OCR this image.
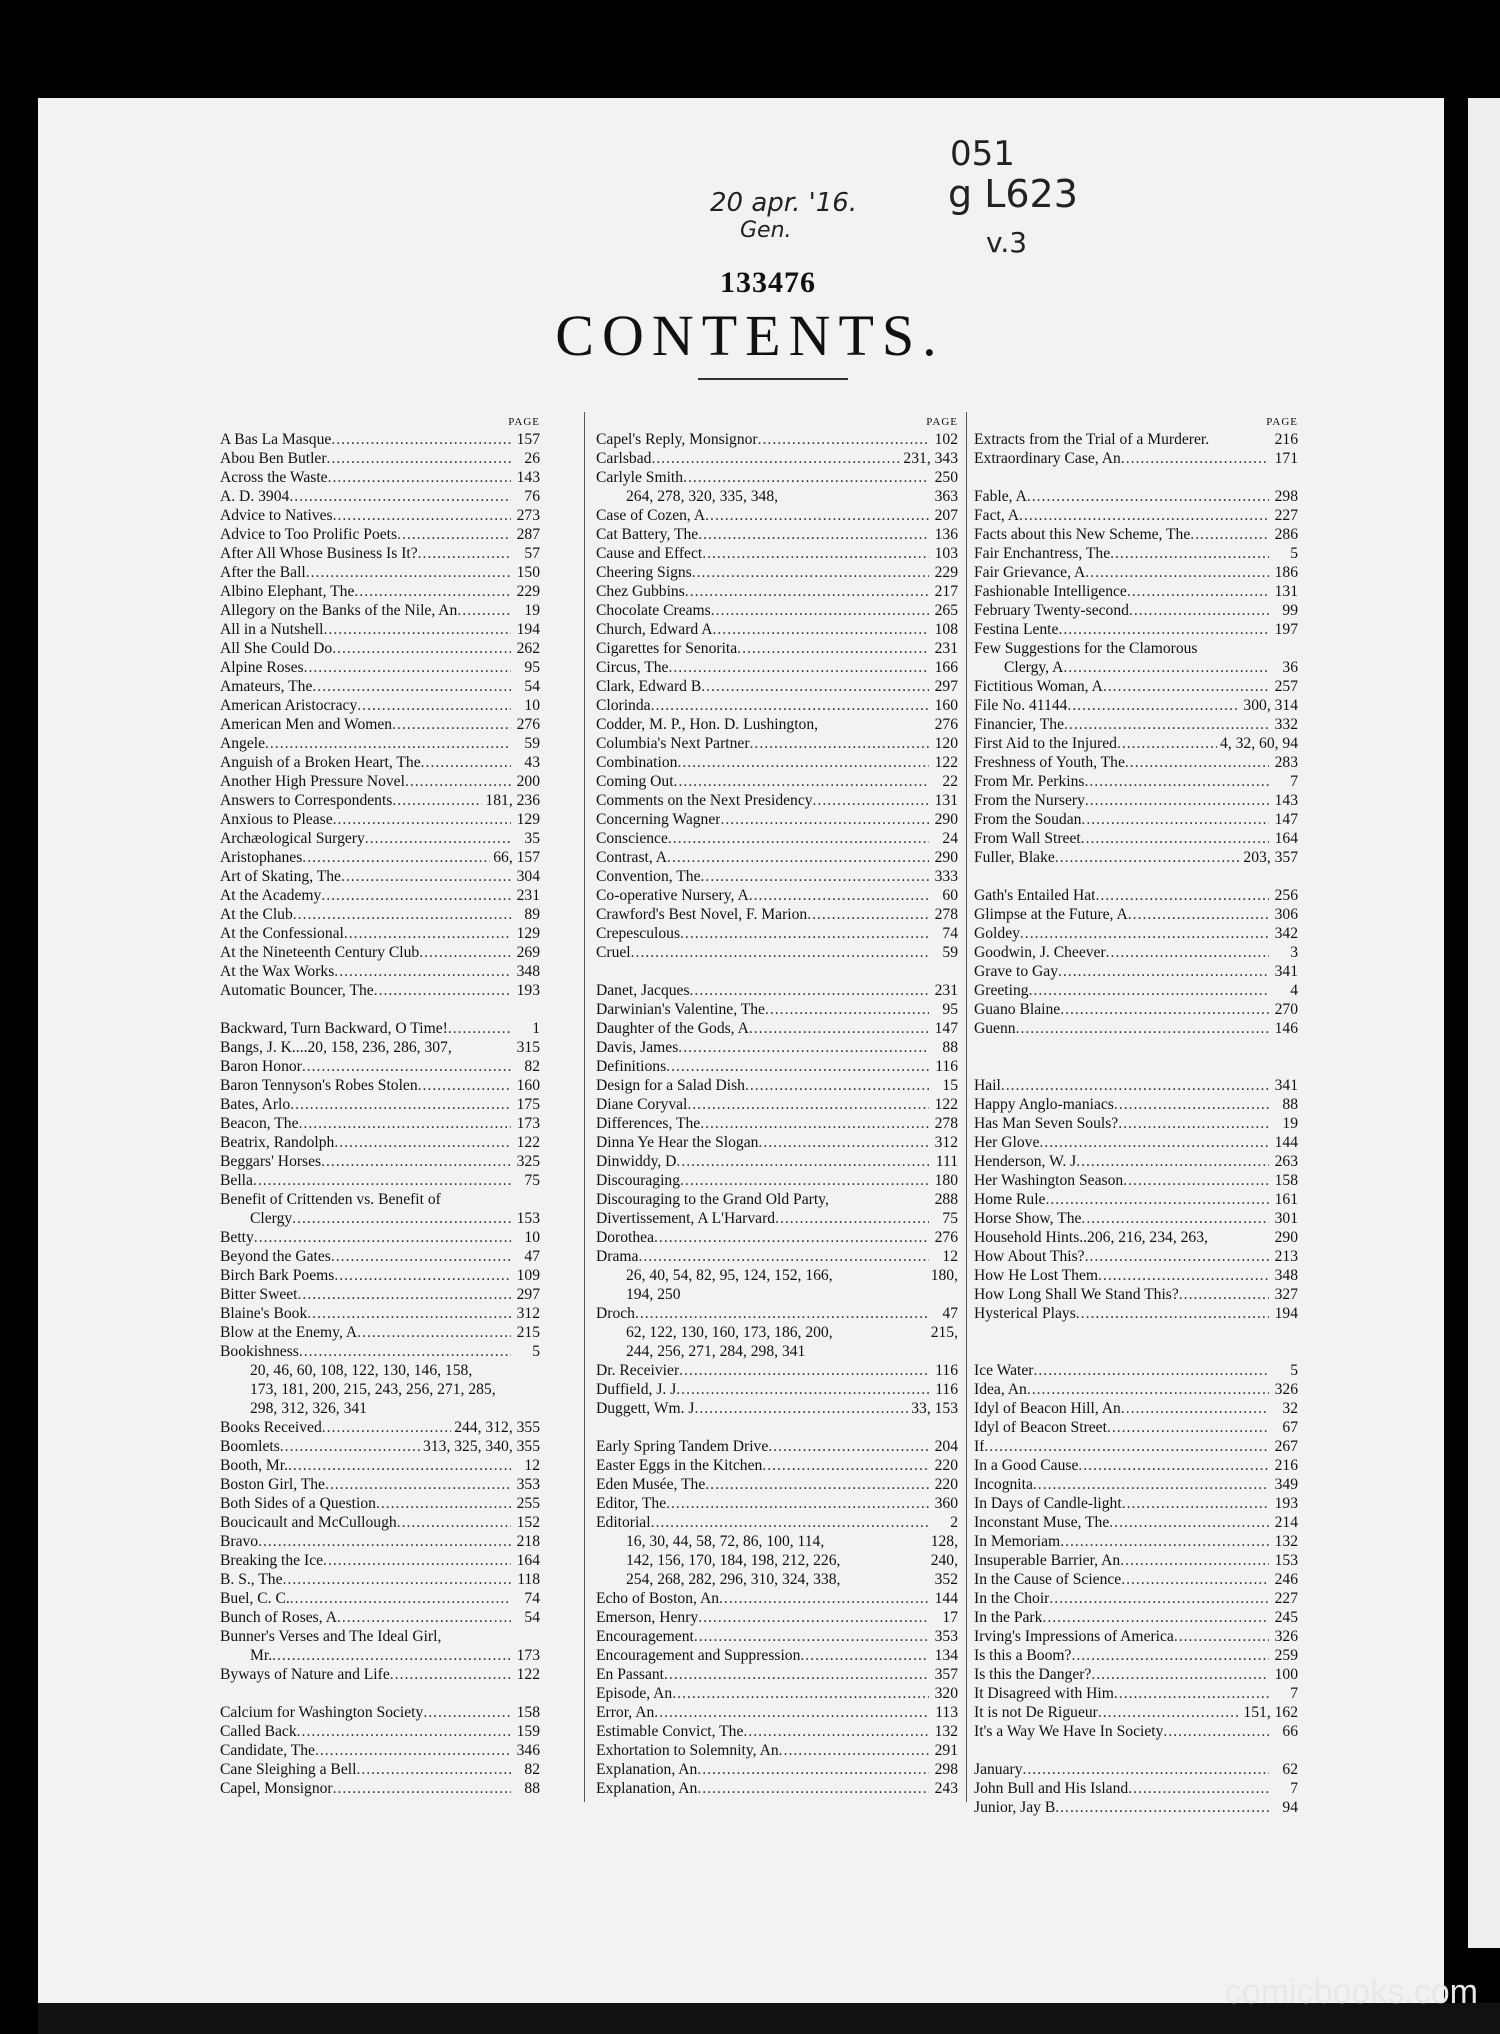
051
g L623
v.3
20 apr. '16.
Gen.
133476
CONTENTS.
PAGE
A Bas La Masque .....	157
Abou Ben Butler .....	26
Across the Waste .....	143
A. D. 3904 .....	76
Advice to Natives .....	273
Advice to Too Prolific Poets .....	287
After All Whose Business Is It? .....	57
After the Ball .....	150
Albino Elephant, The .....	229
Allegory on the Banks of the Nile, An .....	19
All in a Nutshell .....	194
All She Could Do .....	262
Alpine Roses .....	95
Amateurs, The .....	54
American Aristocracy .....	10
American Men and Women .....	276
Angele .....	59
Anguish of a Broken Heart, The .....	43
Another High Pressure Novel .....	200
Answers to Correspondents .....	181, 236
Anxious to Please .....	129
Archæological Surgery .....	35
Aristophanes .....	66, 157
Art of Skating, The .....	304
At the Academy .....	231
At the Club .....	89
At the Confessional .....	129
At the Nineteenth Century Club .....	269
At the Wax Works .....	348
Automatic Bouncer, The .....	193
Backward, Turn Backward, O Time! .....	1
Bangs, J. K....20, 158, 236, 286, 307,	315
Baron Honor .....	82
Baron Tennyson's Robes Stolen .....	160
Bates, Arlo .....	175
Beacon, The .....	173
Beatrix, Randolph .....	122
Beggars' Horses .....	325
Bella .....	75
Benefit of Crittenden vs. Benefit of
Clergy .....	153
Betty .....	10
Beyond the Gates .....	47
Birch Bark Poems .....	109
Bitter Sweet .....	297
Blaine's Book .....	312
Blow at the Enemy, A .....	215
Bookishness .....	5
20, 46, 60, 108, 122, 130, 146, 158,
173, 181, 200, 215, 243, 256, 271, 285,
298, 312, 326, 341
Books Received .....	244, 312, 355
Boomlets .....	313, 325, 340, 355
Booth, Mr. .....	12
Boston Girl, The .....	353
Both Sides of a Question .....	255
Boucicault and McCullough .....	152
Bravo .....	218
Breaking the Ice .....	164
B. S., The .....	118
Buel, C. C. .....	74
Bunch of Roses, A .....	54
Bunner's Verses and The Ideal Girl,
Mr. .....	173
Byways of Nature and Life .....	122
Calcium for Washington Society .....	158
Called Back .....	159
Candidate, The .....	346
Cane Sleighing a Bell .....	82
Capel, Monsignor .....	88
PAGE
Capel's Reply, Monsignor .....	102
Carlsbad .....	231, 343
Carlyle Smith .....	250
264, 278, 320, 335, 348,	363
Case of Cozen, A .....	207
Cat Battery, The .....	136
Cause and Effect .....	103
Cheering Signs .....	229
Chez Gubbins .....	217
Chocolate Creams .....	265
Church, Edward A .....	108
Cigarettes for Senorita .....	231
Circus, The .....	166
Clark, Edward B .....	297
Clorinda .....	160
Codder, M. P., Hon. D. Lushington,	276
Columbia's Next Partner .....	120
Combination .....	122
Coming Out .....	22
Comments on the Next Presidency .....	131
Concerning Wagner .....	290
Conscience .....	24
Contrast, A .....	290
Convention, The .....	333
Co-operative Nursery, A .....	60
Crawford's Best Novel, F. Marion .....	278
Crepesculous .....	74
Cruel .....	59
Danet, Jacques .....	231
Darwinian's Valentine, The .....	95
Daughter of the Gods, A .....	147
Davis, James .....	88
Definitions .....	116
Design for a Salad Dish .....	15
Diane Coryval .....	122
Differences, The .....	278
Dinna Ye Hear the Slogan .....	312
Dinwiddy, D .....	111
Discouraging .....	180
Discouraging to the Grand Old Party,	288
Divertissement, A L'Harvard .....	75
Dorothea .....	276
Drama .....	12
26, 40, 54, 82, 95, 124, 152, 166,	180,
194, 250
Droch .....	47
62, 122, 130, 160, 173, 186, 200,	215,
244, 256, 271, 284, 298, 341
Dr. Receivier .....	116
Duffield, J. J .....	116
Duggett, Wm. J .....	33, 153
Early Spring Tandem Drive .....	204
Easter Eggs in the Kitchen .....	220
Eden Musée, The .....	220
Editor, The .....	360
Editorial .....	2
16, 30, 44, 58, 72, 86, 100, 114,	128,
142, 156, 170, 184, 198, 212, 226,	240,
254, 268, 282, 296, 310, 324, 338,	352
Echo of Boston, An .....	144
Emerson, Henry .....	17
Encouragement .....	353
Encouragement and Suppression .....	134
En Passant .....	357
Episode, An .....	320
Error, An .....	113
Estimable Convict, The .....	132
Exhortation to Solemnity, An .....	291
Explanation, An .....	298
Explanation, An .....	243
PAGE
Extracts from the Trial of a Murderer.	216
Extraordinary Case, An .....	171
Fable, A .....	298
Fact, A .....	227
Facts about this New Scheme, The .....	286
Fair Enchantress, The .....	5
Fair Grievance, A .....	186
Fashionable Intelligence .....	131
February Twenty-second .....	99
Festina Lente .....	197
Few Suggestions for the Clamorous
Clergy, A .....	36
Fictitious Woman, A .....	257
File No. 41144 .....	300, 314
Financier, The .....	332
First Aid to the Injured .....	4, 32, 60, 94
Freshness of Youth, The .....	283
From Mr. Perkins .....	7
From the Nursery .....	143
From the Soudan .....	147
From Wall Street .....	164
Fuller, Blake .....	203, 357
Gath's Entailed Hat .....	256
Glimpse at the Future, A .....	306
Goldey .....	342
Goodwin, J. Cheever .....	3
Grave to Gay .....	341
Greeting .....	4
Guano Blaine .....	270
Guenn .....	146
Hail .....	341
Happy Anglo-maniacs .....	88
Has Man Seven Souls? .....	19
Her Glove .....	144
Henderson, W. J .....	263
Her Washington Season .....	158
Home Rule .....	161
Horse Show, The .....	301
Household Hints..206, 216, 234, 263,	290
How About This? .....	213
How He Lost Them .....	348
How Long Shall We Stand This? .....	327
Hysterical Plays .....	194
Ice Water .....	5
Idea, An .....	326
Idyl of Beacon Hill, An .....	32
Idyl of Beacon Street .....	67
If .....	267
In a Good Cause .....	216
Incognita .....	349
In Days of Candle-light .....	193
Inconstant Muse, The .....	214
In Memoriam .....	132
Insuperable Barrier, An .....	153
In the Cause of Science .....	246
In the Choir .....	227
In the Park .....	245
Irving's Impressions of America .....	326
Is this a Boom? .....	259
Is this the Danger? .....	100
It Disagreed with Him .....	7
It is not De Rigueur .....	151, 162
It's a Way We Have In Society .....	66
January .....	62
John Bull and His Island .....	7
Junior, Jay B .....	94
comicbooks.com
